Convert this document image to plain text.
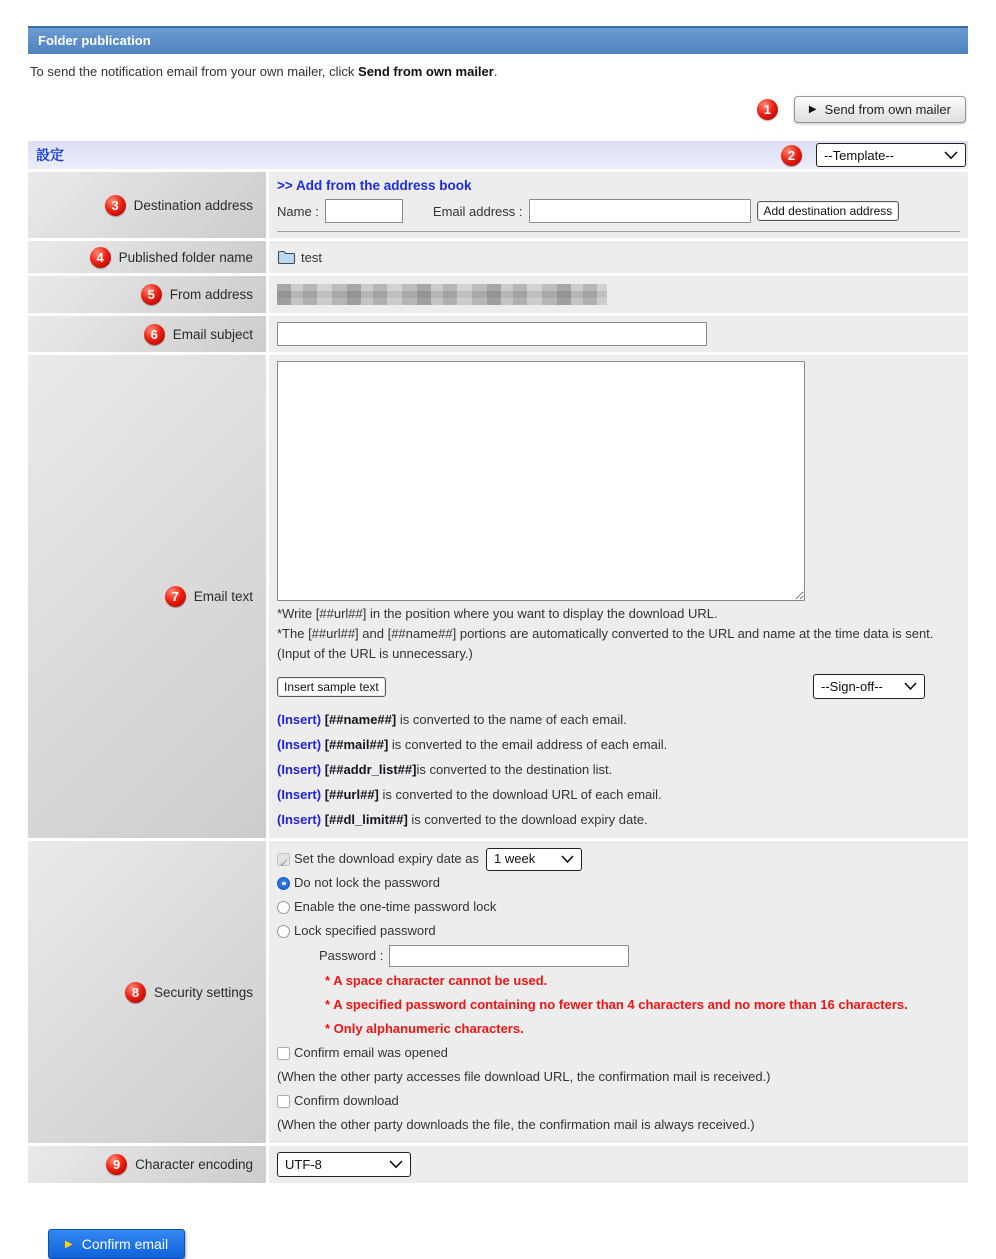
Folder publication
To send the notification email from your own mailer, click Send from own mailer.
1	▶ Send from own mailer
設定	2	--Template--
3	Destination address
>> Add from the address book
Name :	Email address :	Add destination address
4	Published folder name	test
5	From address
6	Email subject
7	Email text
*Write [##url##] in the position where you want to display the download URL.
*The [##url##] and [##name##] portions are automatically converted to the URL and name at the time data is sent.
(Input of the URL is unnecessary.)
Insert sample text	--Sign-off--
(Insert) [##name##] is converted to the name of each email.
(Insert) [##mail##] is converted to the email address of each email.
(Insert) [##addr_list##]is converted to the destination list.
(Insert) [##url##] is converted to the download URL of each email.
(Insert) [##dl_limit##] is converted to the download expiry date.
8	Security settings
✓
Set the download expiry date as 1 week
Do not lock the password
Enable the one-time password lock
Lock specified password
Password :
* A space character cannot be used.
* A specified password containing no fewer than 4 characters and no more than 16 characters.
* Only alphanumeric characters.
Confirm email was opened
(When the other party accesses file download URL, the confirmation mail is received.)
Confirm download
(When the other party downloads the file, the confirmation mail is always received.)
9	Character encoding UTF-8
▶ Confirm email
